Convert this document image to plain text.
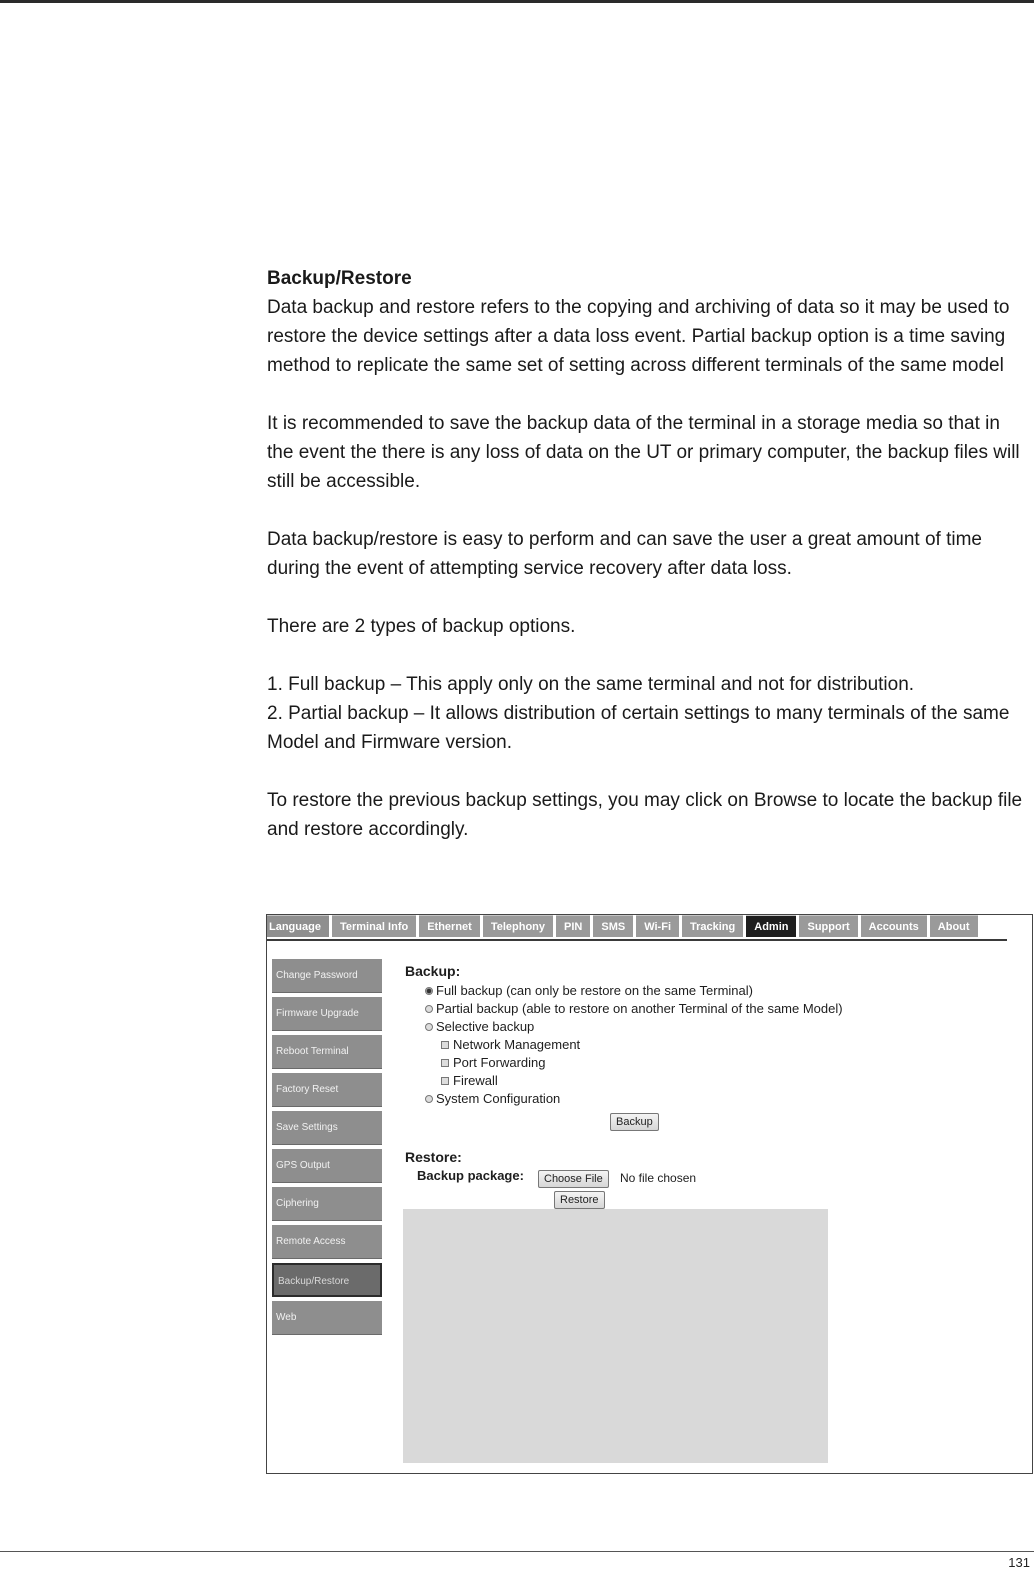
Backup/Restore

Data backup and restore refers to the copying and archiving of data so it may be used to restore the device settings after a data loss event. Partial backup option is a time saving method to replicate the same set of setting across different terminals of the same model

It is recommended to save the backup data of the terminal in a storage media so that in the event the there is any loss of data on the UT or primary computer, the backup files will still be accessible.

Data backup/restore is easy to perform and can save the user a great amount of time during the event of attempting service recovery after data loss.

There are 2 types of backup options.

1. Full backup – This apply only on the same terminal and not for distribution.

2. Partial backup – It allows distribution of certain settings to many terminals of the same Model and Firmware version.

To restore the previous backup settings, you may click on Browse to locate the backup file and restore accordingly.

Language	Terminal Info	Ethernet	Telephony	PIN	SMS	Wi-Fi	Tracking	Admin	Support	Accounts	About
Change Password
Firmware Upgrade
Reboot Terminal
Factory Reset
Save Settings
GPS Output
Ciphering
Remote Access
Backup/Restore
Web
Backup:
Full backup (can only be restore on the same Terminal)
Partial backup (able to restore on another Terminal of the same Model)
Selective backup
Network Management
Port Forwarding
Firewall
System Configuration
Backup
Restore:
Backup package:	Choose File	No file chosen
Restore
131
